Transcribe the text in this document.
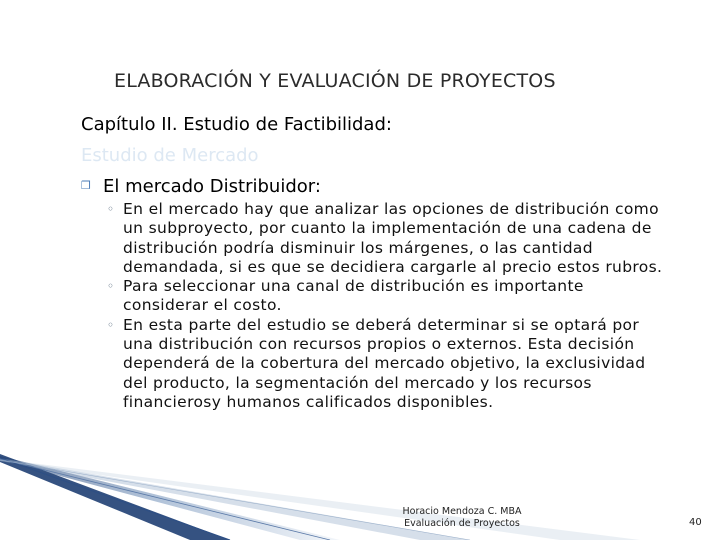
ELABORACIÓN Y EVALUACIÓN DE PROYECTOS
Capítulo II. Estudio de Factibilidad:
Estudio de Mercado
❒ El mercado Distribuidor:
◦ En el mercado hay que analizar las opciones de distribución como un subproyecto, por cuanto la implementación de una cadena de distribución podría disminuir los márgenes, o las cantidad demandada, si es que se decidiera cargarle al precio estos rubros.
◦ Para seleccionar una canal de distribución es importante considerar el costo.
◦ En esta parte del estudio se deberá determinar si se optará por una distribución con recursos propios o externos. Esta decisión dependerá de la cobertura del mercado objetivo, la exclusividad del producto, la segmentación del mercado y los recursos financierosy humanos calificados disponibles.
Horacio Mendoza C. MBA
Evaluación de Proyectos	40
